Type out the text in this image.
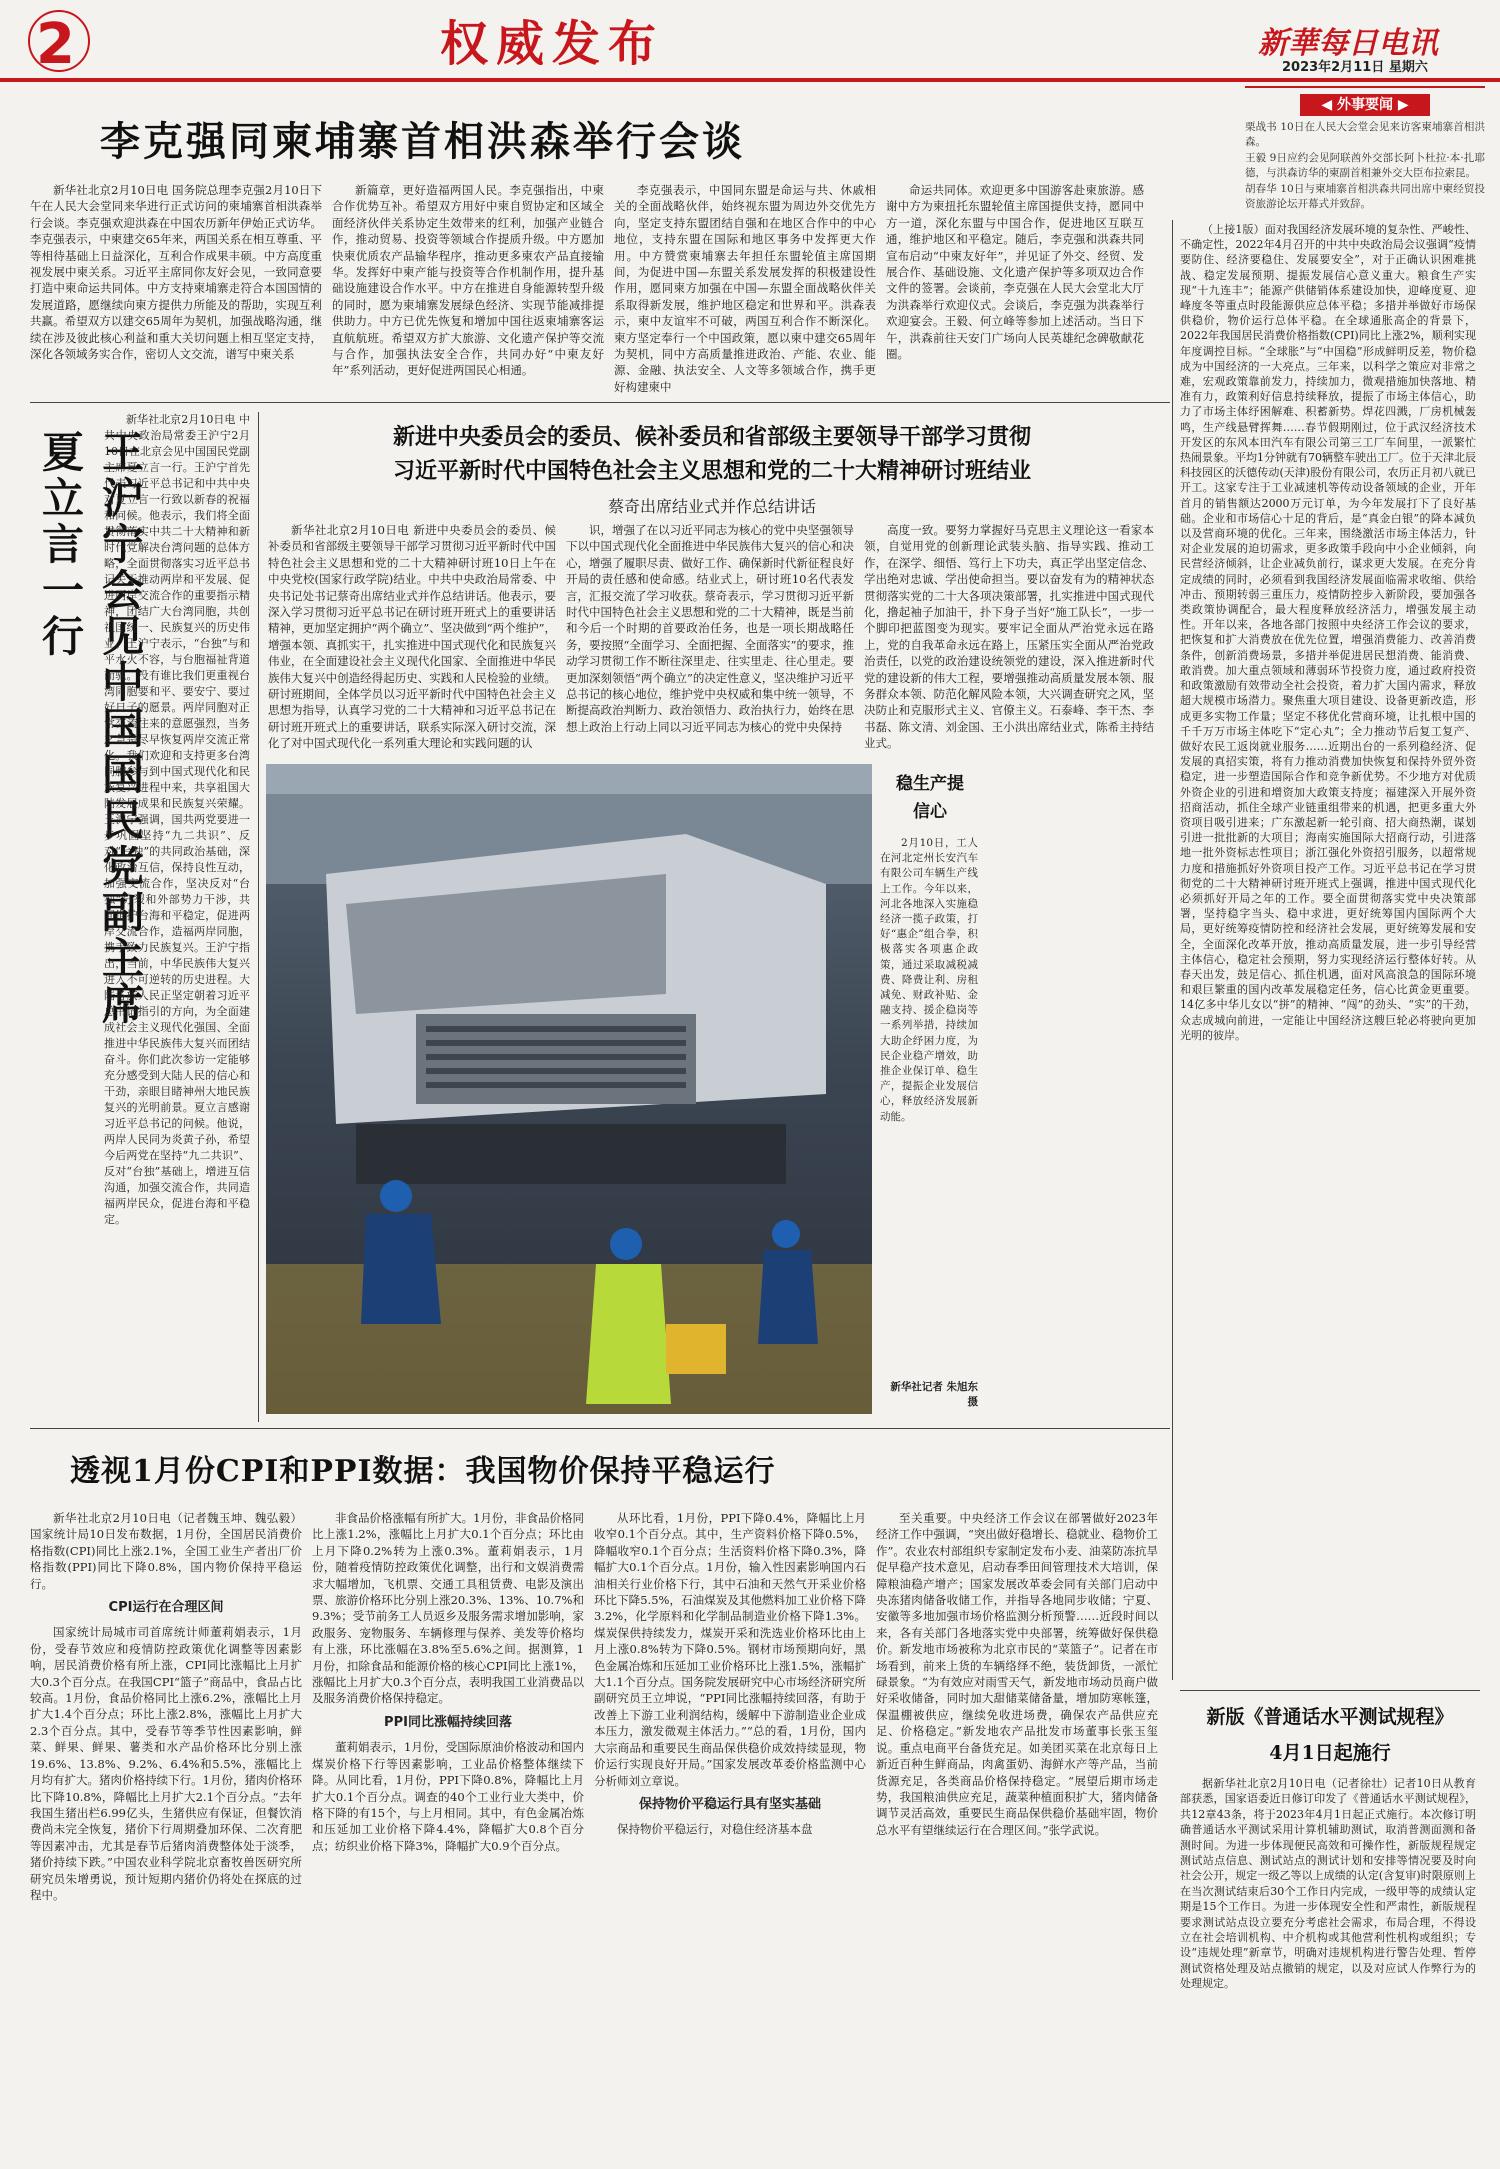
2	权威发布	新華每日电讯
2023年2月11日 星期六
◀ 外事要闻 ▶
栗战书 10日在人民大会堂会见来访客柬埔寨首相洪森。
王毅 9日应约会见阿联酋外交部长阿卜杜拉·本·扎耶德，与洪森访华的柬副首相兼外交大臣布拉索昆。
胡春华 10日与柬埔寨首相洪森共同出席中柬经贸投资旅游论坛开幕式并致辞。
李克强同柬埔寨首相洪森举行会谈

新华社北京2月10日电 国务院总理李克强2月10日下午在人民大会堂同来华进行正式访问的柬埔寨首相洪森举行会谈。李克强欢迎洪森在中国农历新年伊始正式访华。李克强表示，中柬建交65年来，两国关系在相互尊重、平等相待基础上日益深化，互利合作成果丰硕。中方高度重视发展中柬关系。习近平主席同你友好会见，一致同意要打造中柬命运共同体。中方支持柬埔寨走符合本国国情的发展道路，愿继续向柬方提供力所能及的帮助，实现互利共赢。希望双方以建交65周年为契机，加强战略沟通，继续在涉及彼此核心利益和重大关切问题上相互坚定支持，深化各领域务实合作，密切人文交流，谱写中柬关系

新篇章，更好造福两国人民。李克强指出，中柬合作优势互补。希望双方用好中柬自贸协定和区域全面经济伙伴关系协定生效带来的红利，加强产业链合作，推动贸易、投资等领域合作提质升级。中方愿加快柬优质农产品输华程序，推动更多柬农产品直接输华。发挥好中柬产能与投资等合作机制作用，提升基础设施建设合作水平。中方在推进自身能源转型升级的同时，愿为柬埔寨发展绿色经济、实现节能减排提供助力。中方已优先恢复和增加中国往返柬埔寨客运直航航班。希望双方扩大旅游、文化遗产保护等交流与合作，加强执法安全合作，共同办好“中柬友好年”系列活动，更好促进两国民心相通。

李克强表示，中国同东盟是命运与共、休戚相关的全面战略伙伴，始终视东盟为周边外交优先方向，坚定支持东盟团结自强和在地区合作中的中心地位，支持东盟在国际和地区事务中发挥更大作用。中方赞赏柬埔寨去年担任东盟轮值主席国期间，为促进中国—东盟关系发展发挥的积极建设性作用，愿同柬方加强在中国—东盟全面战略伙伴关系取得新发展，维护地区稳定和世界和平。洪森表示，柬中友谊牢不可破，两国互利合作不断深化。柬方坚定奉行一个中国政策，愿以柬中建交65周年为契机，同中方高质量推进政治、产能、农业、能源、金融、执法安全、人文等多领域合作，携手更好构建柬中

命运共同体。欢迎更多中国游客赴柬旅游。感谢中方为柬扭托东盟轮值主席国提供支持，愿同中方一道，深化东盟与中国合作，促进地区互联互通，维护地区和平稳定。随后，李克强和洪森共同宣布启动“中柬友好年”，并见证了外交、经贸、发展合作、基础设施、文化遗产保护等多项双边合作文件的签署。会谈前，李克强在人民大会堂北大厅为洪森举行欢迎仪式。会谈后，李克强为洪森举行欢迎宴会。王毅、何立峰等参加上述活动。当日下午，洪森前往天安门广场向人民英雄纪念碑敬献花圈。

王沪宁会见中国国民党副主席夏立言一行

新华社北京2月10日电 中共中央政治局常委王沪宁2月10日在北京会见中国国民党副主席夏立言一行。王沪宁首先代表习近平总书记和中共中央对夏立言一行致以新春的祝福和问候。他表示，我们将全面贯彻落实中共二十大精神和新时代党解决台湾问题的总体方略，全面贯彻落实习近平总书记关于推动两岸和平发展、促进两岸交流合作的重要指示精神，团结广大台湾同胞，共创祖国统一、民族复兴的历史伟业。王沪宁表示，“台独”与和平水火不容，与台胞福祉背道而驰。没有谁比我们更重视台湾同胞要和平、要安宁、要过好日子的愿景。两岸同胞对正常交流往来的意愿强烈，当务之急是尽早恢复两岸交流正常化。我们欢迎和支持更多台湾同胞参与到中国式现代化和民族复兴进程中来，共享祖国大陆发展成果和民族复兴荣耀。王沪宁强调，国共两党要进一步巩固坚持“九二共识”、反对“台独”的共同政治基础，深化政治互信，保持良性互动，加强交流合作，坚决反对“台独”分裂和外部势力干涉，共同维护台海和平稳定，促进两岸交流合作，造福两岸同胞，携手致力民族复兴。王沪宁指出，当前，中华民族伟大复兴进入不可逆转的历史进程。大陆各族人民正坚定朝着习近平总书记指引的方向，为全面建成社会主义现代化强国、全面推进中华民族伟大复兴而团结奋斗。你们此次参访一定能够充分感受到大陆人民的信心和干劲，亲眼目睹神州大地民族复兴的光明前景。夏立言感谢习近平总书记的问候。他说，两岸人民同为炎黄子孙，希望今后两党在坚持“九二共识”、反对“台独”基础上，增进互信沟通，加强交流合作，共同造福两岸民众，促进台海和平稳定。

新进中央委员会的委员、候补委员和省部级主要领导干部学习贯彻
习近平新时代中国特色社会主义思想和党的二十大精神研讨班结业
蔡奇出席结业式并作总结讲话

新华社北京2月10日电 新进中央委员会的委员、候补委员和省部级主要领导干部学习贯彻习近平新时代中国特色社会主义思想和党的二十大精神研讨班10日上午在中央党校(国家行政学院)结业。中共中央政治局常委、中央书记处书记蔡奇出席结业式并作总结讲话。他表示，要深入学习贯彻习近平总书记在研讨班开班式上的重要讲话精神，更加坚定拥护“两个确立”、坚决做到“两个维护”，增强本领、真抓实干，扎实推进中国式现代化和民族复兴伟业，在全面建设社会主义现代化国家、全面推进中华民族伟大复兴中创造经得起历史、实践和人民检验的业绩。研讨班期间，全体学员以习近平新时代中国特色社会主义思想为指导，认真学习党的二十大精神和习近平总书记在研讨班开班式上的重要讲话，联系实际深入研讨交流，深化了对中国式现代化一系列重大理论和实践问题的认

识，增强了在以习近平同志为核心的党中央坚强领导下以中国式现代化全面推进中华民族伟大复兴的信心和决心，增强了履职尽责、做好工作、确保新时代新征程良好开局的责任感和使命感。结业式上，研讨班10名代表发言，汇报交流了学习收获。蔡奇表示，学习贯彻习近平新时代中国特色社会主义思想和党的二十大精神，既是当前和今后一个时期的首要政治任务，也是一项长期战略任务，要按照“全面学习、全面把握、全面落实”的要求，推动学习贯彻工作不断往深里走、往实里走、往心里走。要更加深刻领悟“两个确立”的决定性意义，坚决维护习近平总书记的核心地位，维护党中央权威和集中统一领导，不断提高政治判断力、政治领悟力、政治执行力，始终在思想上政治上行动上同以习近平同志为核心的党中央保持

高度一致。要努力掌握好马克思主义理论这一看家本领，自觉用党的创新理论武装头脑、指导实践、推动工作，在深学、细悟、笃行上下功夫，真正学出坚定信念、学出绝对忠诚、学出使命担当。要以奋发有为的精神状态贯彻落实党的二十大各项决策部署，扎实推进中国式现代化，撸起袖子加油干，扑下身子当好“施工队长”，一步一个脚印把蓝图变为现实。要牢记全面从严治党永远在路上，党的自我革命永远在路上，压紧压实全面从严治党政治责任，以党的政治建设统领党的建设，深入推进新时代党的建设新的伟大工程，要增强推动高质量发展本领、服务群众本领、防范化解风险本领，大兴调查研究之风，坚决防止和克服形式主义、官僚主义。石泰峰、李干杰、李书磊、陈文清、刘金国、王小洪出席结业式，陈希主持结业式。

稳生产提信心

2月10日，工人在河北定州长安汽车有限公司车辆生产线上工作。今年以来，河北各地深入实施稳经济一揽子政策，打好“惠企”组合拳，积极落实各项惠企政策，通过采取减税减费、降费让利、房租减免、财政补贴、金融支持、援企稳岗等一系列举措，持续加大助企纾困力度，为民企业稳产增效，助推企业保订单、稳生产，提振企业发展信心，释放经济发展新动能。

新华社记者 朱旭东摄

（上接1版）面对我国经济发展环境的复杂性、严峻性、不确定性，2022年4月召开的中共中央政治局会议强调“疫情要防住、经济要稳住、发展要安全”，对于正确认识困难挑战、稳定发展预期、提振发展信心意义重大。粮食生产实现“十九连丰”；能源产供储销体系建设加快，迎峰度夏、迎峰度冬等重点时段能源供应总体平稳；多措并举做好市场保供稳价，物价运行总体平稳。在全球通胀高企的背景下，2022年我国居民消费价格指数(CPI)同比上涨2%，顺利实现年度调控目标。“全球胀”与“中国稳”形成鲜明反差，物价稳成为中国经济的一大亮点。三年来，以科学之策应对非常之难，宏观政策靠前发力，持续加力，微观措施加快落地、精准有力，政策利好信息持续释放，提振了市场主体信心，助力了市场主体纾困解难、积蓄新势。焊花四溅，厂房机械轰鸣，生产线悬臂挥舞……春节假期刚过，位于武汉经济技术开发区的东风本田汽车有限公司第三工厂车间里，一派繁忙热闹景象。平均1分钟就有70辆整车驶出工厂。位于天津北辰科技园区的沃德传动(天津)股份有限公司，农历正月初八就已开工。这家专注于工业减速机等传动设备领域的企业，开年首月的销售额达2000万元订单，为今年发展打下了良好基础。企业和市场信心十足的背后，是“真金白银”的降本减负以及营商环境的优化。三年来，围绕激活市场主体活力，针对企业发展的迫切需求，更多政策手段向中小企业倾斜，向民营经济倾斜，让企业减负前行，谋求更大发展。在充分肯定成绩的同时，必须看到我国经济发展面临需求收缩、供给冲击、预期转弱三重压力，疫情防控步入新阶段，要加强各类政策协调配合，最大程度释放经济活力，增强发展主动性。开年以来，各地各部门按照中央经济工作会议的要求，把恢复和扩大消费放在优先位置，增强消费能力、改善消费条件，创新消费场景，多措并举促进居民想消费、能消费、敢消费。加大重点领域和薄弱环节投资力度，通过政府投资和政策激励有效带动全社会投资，着力扩大国内需求，释放超大规模市场潜力。聚焦重大项目建设、设备更新改造，形成更多实物工作量；坚定不移优化营商环境，让扎根中国的千千万万市场主体吃下“定心丸”；全力推动节后复工复产、做好农民工返岗就业服务……近期出台的一系列稳经济、促发展的真招实策，将有力推动消费加快恢复和保持外贸外资稳定，进一步塑造国际合作和竞争新优势。不少地方对优质外资企业的引进和增资加大政策支持度；福建深入开展外资招商活动，抓住全球产业链重组带来的机遇，把更多重大外资项目吸引进来；广东激起新一轮引商、招大商热潮，谋划引进一批批新的大项目；海南实施国际大招商行动，引进落地一批外资标志性项目；浙江强化外资招引服务，以超常规力度和措施抓好外资项目投产工作。习近平总书记在学习贯彻党的二十大精神研讨班开班式上强调，推进中国式现代化必须抓好开局之年的工作。要全面贯彻落实党中央决策部署，坚持稳字当头、稳中求进，更好统筹国内国际两个大局，更好统筹疫情防控和经济社会发展，更好统筹发展和安全，全面深化改革开放，推动高质量发展，进一步引导经营主体信心，稳定社会预期，努力实现经济运行整体好转。从春天出发，鼓足信心、抓住机遇，面对风高浪急的国际环境和艰巨繁重的国内改革发展稳定任务，信心比黄金更重要。14亿多中华儿女以“拼”的精神、“闯”的劲头、“实”的干劲，众志成城向前进，一定能让中国经济这艘巨轮必将驶向更加光明的彼岸。

透视1月份CPI和PPI数据：我国物价保持平稳运行

新华社北京2月10日电（记者魏玉坤、魏弘毅）国家统计局10日发布数据，1月份，全国居民消费价格指数(CPI)同比上涨2.1%，全国工业生产者出厂价格指数(PPI)同比下降0.8%，国内物价保持平稳运行。

CPI运行在合理区间

国家统计局城市司首席统计师董莉娟表示，1月份，受春节效应和疫情防控政策优化调整等因素影响，居民消费价格有所上涨，CPI同比涨幅比上月扩大0.3个百分点。在我国CPI“篮子”商品中，食品占比较高。1月份，食品价格同比上涨6.2%，涨幅比上月扩大1.4个百分点；环比上涨2.8%，涨幅比上月扩大2.3个百分点。其中，受春节等季节性因素影响，鲜菜、鲜果、鲜果、薯类和水产品价格环比分别上涨19.6%、13.8%、9.2%、6.4%和5.5%，涨幅比上月均有扩大。猪肉价格持续下行。1月份，猪肉价格环比下降10.8%，降幅比上月扩大2.1个百分点。“去年我国生猪出栏6.99亿头，生猪供应有保证，但餐饮消费尚未完全恢复，猪价下行周期叠加环保、二次育肥等因素冲击，尤其是春节后猪肉消费整体处于淡季，猪价持续下跌。”中国农业科学院北京畜牧兽医研究所研究员朱增勇说，预计短期内猪价仍将处在探底的过程中。

非食品价格涨幅有所扩大。1月份，非食品价格同比上涨1.2%，涨幅比上月扩大0.1个百分点；环比由上月下降0.2%转为上涨0.3%。董莉娟表示，1月份，随着疫情防控政策优化调整，出行和文娱消费需求大幅增加，飞机票、交通工具租赁费、电影及演出票、旅游价格环比分别上涨20.3%、13%、10.7%和9.3%；受节前务工人员返乡及服务需求增加影响，家政服务、宠物服务、车辆修理与保养、美发等价格均有上涨，环比涨幅在3.8%至5.6%之间。据测算，1月份，扣除食品和能源价格的核心CPI同比上涨1%，涨幅比上月扩大0.3个百分点，表明我国工业消费品以及服务消费价格保持稳定。

PPI同比涨幅持续回落

董莉娟表示，1月份，受国际原油价格波动和国内煤炭价格下行等因素影响，工业品价格整体继续下降。从同比看，1月份，PPI下降0.8%，降幅比上月扩大0.1个百分点。调查的40个工业行业大类中，价格下降的有15个，与上月相同。其中，有色金属冶炼和压延加工业价格下降4.4%，降幅扩大0.8个百分点；纺织业价格下降3%，降幅扩大0.9个百分点。

从环比看，1月份，PPI下降0.4%，降幅比上月收窄0.1个百分点。其中，生产资料价格下降0.5%，降幅收窄0.1个百分点；生活资料价格下降0.3%，降幅扩大0.1个百分点。1月份，输入性因素影响国内石油相关行业价格下行，其中石油和天然气开采业价格环比下降5.5%，石油煤炭及其他燃料加工业价格下降3.2%，化学原料和化学制品制造业价格下降1.3%。煤炭保供持续发力，煤炭开采和洗选业价格环比由上月上涨0.8%转为下降0.5%。钢材市场预期向好，黑色金属冶炼和压延加工业价格环比上涨1.5%，涨幅扩大1.1个百分点。国务院发展研究中心市场经济研究所副研究员王立坤说，“PPI同比涨幅持续回落，有助于改善上下游工业利润结构，缓解中下游制造业企业成本压力，激发微观主体活力。”“总的看，1月份，国内大宗商品和重要民生商品保供稳价成效持续显现，物价运行实现良好开局。”国家发展改革委价格监测中心分析师刘立章说。

保持物价平稳运行具有坚实基础

保持物价平稳运行，对稳住经济基本盘

至关重要。中央经济工作会议在部署做好2023年经济工作中强调，“突出做好稳增长、稳就业、稳物价工作”。农业农村部组织专家制定发布小麦、油菜防冻抗旱促早稳产技术意见，启动春季田间管理技术大培训，保障粮油稳产增产；国家发展改革委会同有关部门启动中央冻猪肉储备收储工作，并指导各地同步收储；宁夏、安徽等多地加强市场价格监测分析预警……近段时间以来，各有关部门各地落实党中央部署，统筹做好保供稳价。新发地市场被称为北京市民的“菜篮子”。记者在市场看到，前来上货的车辆络绎不绝，装货卸货，一派忙碌景象。“为有效应对雨雪天气，新发地市场动员商户做好采收储备，同时加大甜储菜储备量，增加防寒帐篷，保温棚被供应，继续免收进场费，确保农产品供应充足、价格稳定。”新发地农产品批发市场董事长张玉玺说。重点电商平台备货充足。如美团买菜在北京每日上新近百种生鲜商品，肉禽蛋奶、海鲜水产等产品，当前货源充足，各类商品价格保持稳定。“展望后期市场走势，我国粮油供应充足，蔬菜种植面积扩大，猪肉储备调节灵活高效，重要民生商品保供稳价基础牢固，物价总水平有望继续运行在合理区间。”张学武说。

新版《普通话水平测试规程》
4月1日起施行

据新华社北京2月10日电（记者徐壮）记者10日从教育部获悉，国家语委近日修订印发了《普通话水平测试规程》，共12章43条，将于2023年4月1日起正式施行。本次修订明确普通话水平测试采用计算机辅助测试，取消普测面测和备测时间。为进一步体现便民高效和可操作性，新版规程规定测试站点信息、测试站点的测试计划和安排等情况要及时向社会公开，规定一级乙等以上成绩的认定(含复审)时限原则上在当次测试结束后30个工作日内完成，一级甲等的成绩认定期是15个工作日。为进一步体现安全性和严肃性，新版规程要求测试站点设立要充分考虑社会需求，布局合理，不得设立在社会培训机构、中介机构或其他营利性机构或组织；专设“违规处理”新章节，明确对违规机构进行警告处理、暂停测试资格处理及站点撤销的规定，以及对应试人作弊行为的处理规定。
